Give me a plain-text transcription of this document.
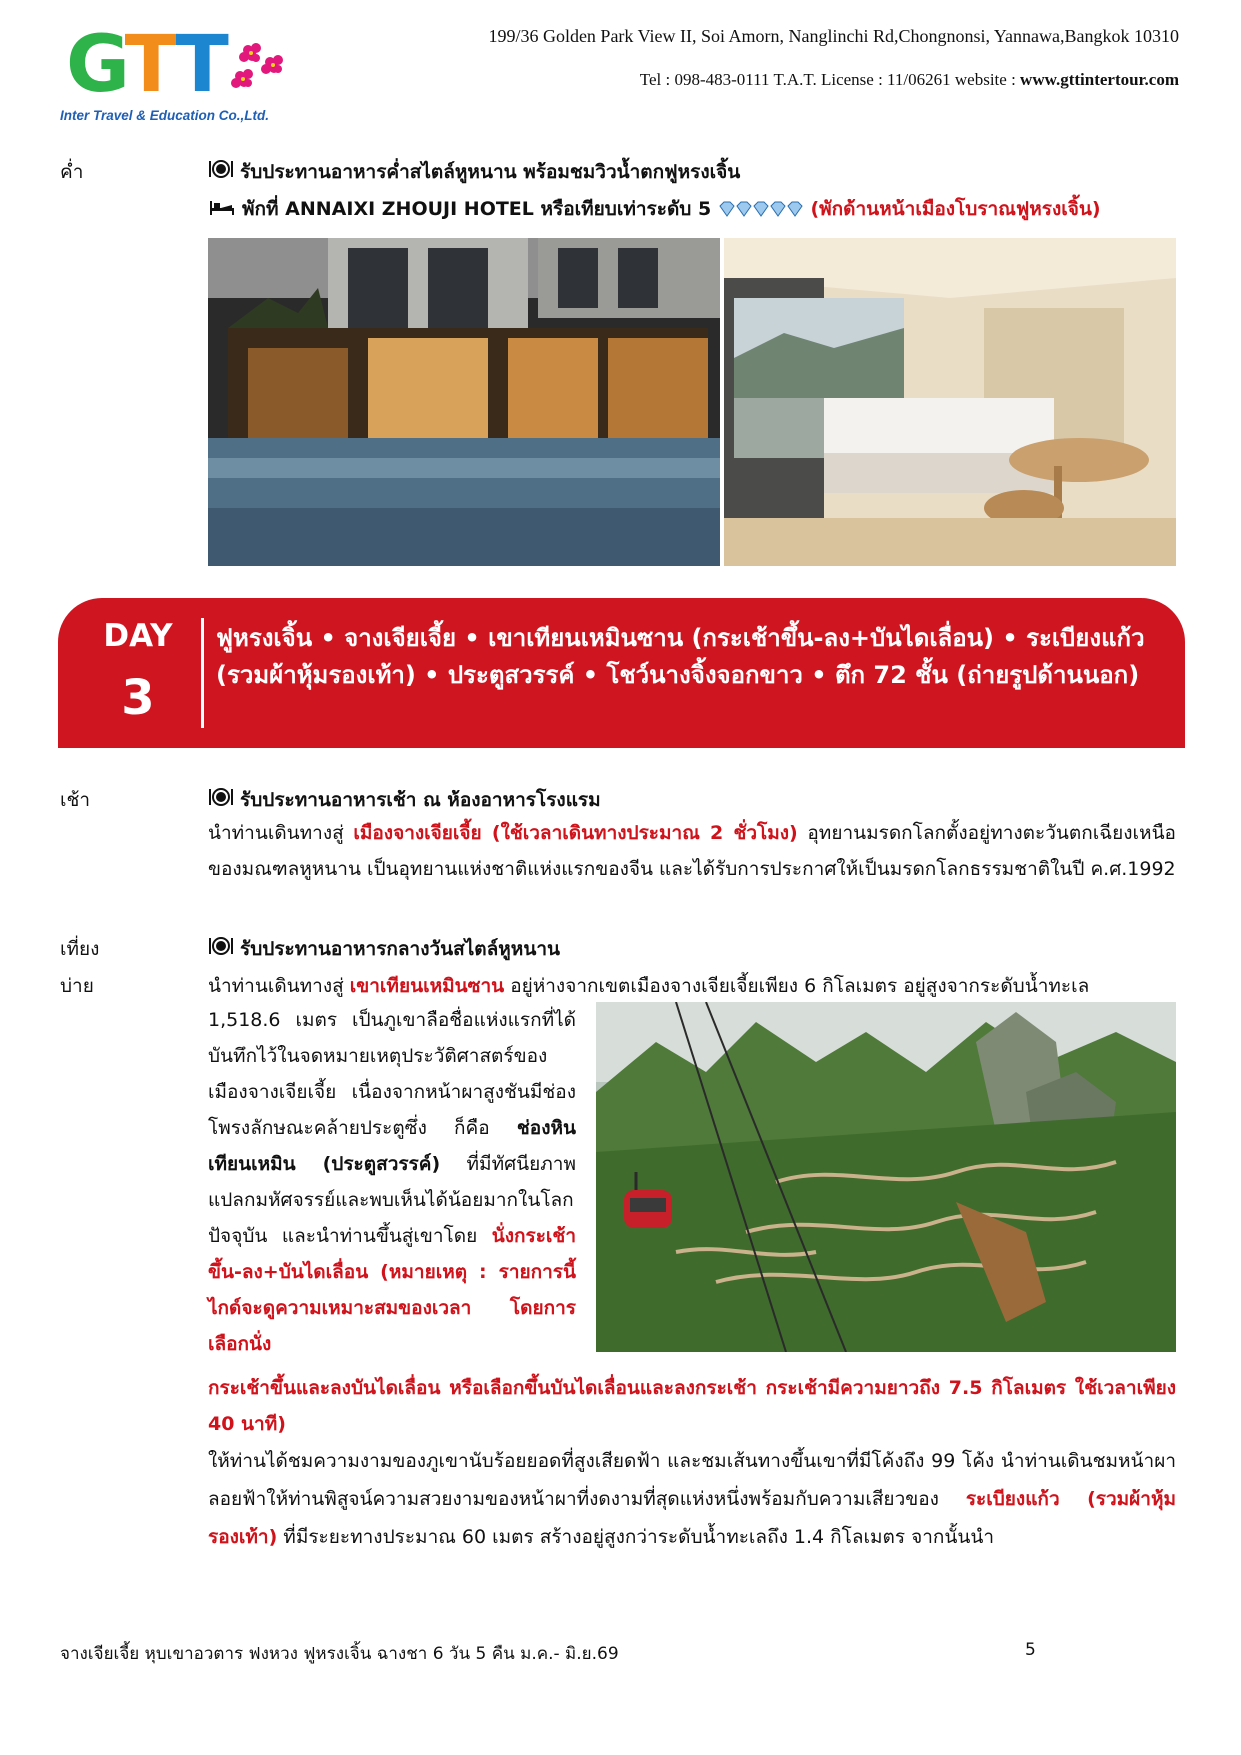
GTT
Inter Travel & Education Co.,Ltd.
199/36 Golden Park View II, Soi Amorn, Nanglinchi Rd,Chongnonsi, Yannawa,Bangkok 10310
Tel : 098-483-0111 T.A.T. License : 11/06261 website : www.gttintertour.com
ค่ำ	รับประทานอาหารค่ำสไตล์หูหนาน พร้อมชมวิวน้ำตกฟูหรงเจิ้น
พักที่ ANNAIXI ZHOUJI HOTEL หรือเทียบเท่าระดับ 5	(พักด้านหน้าเมืองโบราณฟูหรงเจิ้น)
DAY
3
ฟูหรงเจิ้น • จางเจียเจี้ย • เขาเทียนเหมินซาน (กระเช้าขึ้น-ลง+บันไดเลื่อน) • ระเบียงแก้ว (รวมผ้าหุ้มรองเท้า) • ประตูสวรรค์ • โชว์นางจิ้งจอกขาว • ตึก 72 ชั้น (ถ่ายรูปด้านนอก)
เช้า	รับประทานอาหารเช้า ณ ห้องอาหารโรงแรม
นำท่านเดินทางสู่ เมืองจางเจียเจี้ย (ใช้เวลาเดินทางประมาณ 2 ชั่วโมง) อุทยานมรดกโลกตั้งอยู่ทางตะวันตกเฉียงเหนือของมณฑลหูหนาน เป็นอุทยานแห่งชาติแห่งแรกของจีน และได้รับการประกาศให้เป็นมรดกโลกธรรมชาติในปี ค.ศ.1992
เที่ยง	รับประทานอาหารกลางวันสไตล์หูหนาน
บ่าย	นำท่านเดินทางสู่ เขาเทียนเหมินซาน อยู่ห่างจากเขตเมืองจางเจียเจี้ยเพียง 6 กิโลเมตร อยู่สูงจากระดับน้ำทะเล
1,518.6 เมตร เป็นภูเขาลือชื่อแห่งแรกที่ได้บันทึกไว้ในจดหมายเหตุประวัติศาสตร์ของเมืองจางเจียเจี้ย เนื่องจากหน้าผาสูงชันมีช่องโพรงลักษณะคล้ายประตูซึ่ง ก็คือ ช่องหินเทียนเหมิน (ประตูสวรรค์) ที่มีทัศนียภาพแปลกมหัศจรรย์และพบเห็นได้น้อยมากในโลกปัจจุบัน และนำท่านขึ้นสู่เขาโดย นั่งกระเช้าขึ้น-ลง+บันไดเลื่อน (หมายเหตุ : รายการนี้ไกด์จะดูความเหมาะสมของเวลา โดยการเลือกนั่ง
กระเช้าขึ้นและลงบันไดเลื่อน หรือเลือกขึ้นบันไดเลื่อนและลงกระเช้า กระเช้ามีความยาวถึง 7.5 กิโลเมตร ใช้เวลาเพียง 40 นาที)
ให้ท่านได้ชมความงามของภูเขานับร้อยยอดที่สูงเสียดฟ้า และชมเส้นทางขึ้นเขาที่มีโค้งถึง 99 โค้ง นำท่านเดินชมหน้าผาลอยฟ้าให้ท่านพิสูจน์ความสวยงามของหน้าผาที่งดงามที่สุดแห่งหนึ่งพร้อมกับความเสียวของ ระเบียงแก้ว (รวมผ้าหุ้มรองเท้า) ที่มีระยะทางประมาณ 60 เมตร สร้างอยู่สูงกว่าระดับน้ำทะเลถึง 1.4 กิโลเมตร จากนั้นนำ
จางเจียเจี้ย หุบเขาอวตาร ฟงหวง ฟูหรงเจิ้น ฉางชา 6 วัน 5 คืน ม.ค.- มิ.ย.69	5
